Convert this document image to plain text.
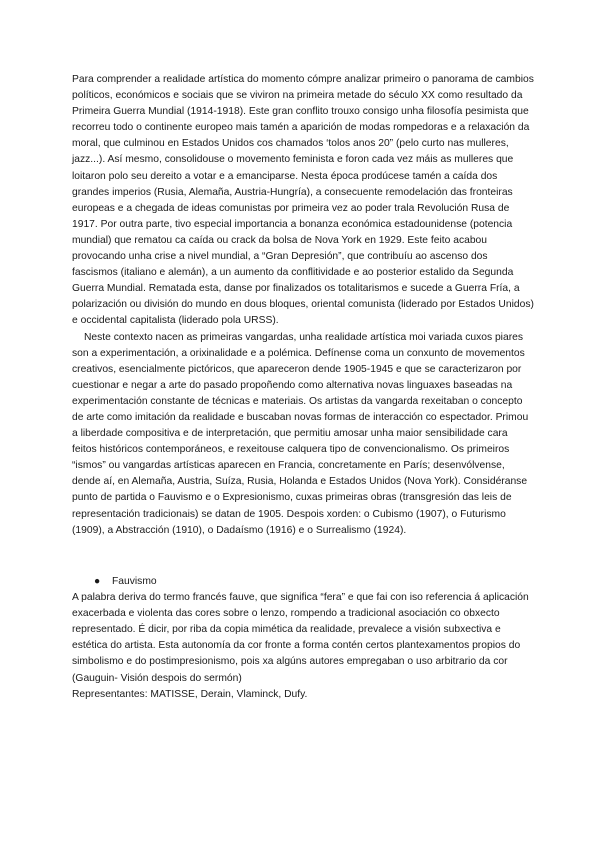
Para comprender a realidade artística do momento cómpre analizar primeiro o panorama de cambios políticos, económicos e sociais que se viviron na primeira metade do século XX como resultado da Primeira Guerra Mundial (1914-1918). Este gran conflito trouxo consigo unha filosofía pesimista que recorreu todo o continente europeo mais tamén a aparición de modas rompedoras e a relaxación da moral, que culminou en Estados Unidos cos chamados ‘tolos anos 20” (pelo curto nas mulleres, jazz...). Así mesmo, consolidouse o movemento feminista e foron cada vez máis as mulleres que loitaron polo seu dereito a votar e a emanciparse. Nesta época prodúcese tamén a caída dos grandes imperios (Rusia, Alemaña, Austria-Hungría), a consecuente remodelación das fronteiras europeas e a chegada de ideas comunistas por primeira vez ao poder trala Revolución Rusa de 1917. Por outra parte, tivo especial importancia a bonanza económica estadounidense (potencia mundial) que rematou ca caída ou crack da bolsa de Nova York en 1929. Este feito acabou provocando unha crise a nivel mundial, a “Gran Depresión”, que contribuíu ao ascenso dos fascismos (italiano e alemán), a un aumento da conflitividade e ao posterior estalido da Segunda Guerra Mundial. Rematada esta, danse por finalizados os totalitarismos e sucede a Guerra Fría, a polarización ou división do mundo en dous bloques, oriental comunista (liderado por Estados Unidos) e occidental capitalista (liderado pola URSS).

Neste contexto nacen as primeiras vangardas, unha realidade artística moi variada cuxos piares son a experimentación, a orixinalidade e a polémica. Defínense coma un conxunto de movementos creativos, esencialmente pictóricos, que apareceron dende 1905-1945 e que se caracterizaron por cuestionar e negar a arte do pasado propoñendo como alternativa novas linguaxes baseadas na experimentación constante de técnicas e materiais. Os artistas da vangarda rexeitaban o concepto de arte como imitación da realidade e buscaban novas formas de interacción co espectador. Primou a liberdade compositiva e de interpretación, que permitiu amosar unha maior sensibilidade cara feitos históricos contemporáneos, e rexeitouse calquera tipo de convencionalismo. Os primeiros “ismos” ou vangardas artísticas aparecen en Francia, concretamente en París; desenvólvense, dende aí, en Alemaña, Austria, Suíza, Rusia, Holanda e Estados Unidos (Nova York). Considéranse punto de partida o Fauvismo e o Expresionismo, cuxas primeiras obras (transgresión das leis de representación tradicionais) se datan de 1905. Despois xorden: o Cubismo (1907), o Futurismo (1909), a Abstracción (1910), o Dadaísmo (1916) e o Surrealismo (1924).

●	Fauvismo

A palabra deriva do termo francés fauve, que significa “fera” e que fai con iso referencia á aplicación exacerbada e violenta das cores sobre o lenzo, rompendo a tradicional asociación co obxecto representado. É dicir, por riba da copia mimética da realidade, prevalece a visión subxectiva e estética do artista. Esta autonomía da cor fronte a forma contén certos plantexamentos propios do simbolismo e do postimpresionismo, pois xa algúns autores empregaban o uso arbitrario da cor (Gauguin- Visión despois do sermón)

Representantes: MATISSE, Derain, Vlaminck, Dufy.
